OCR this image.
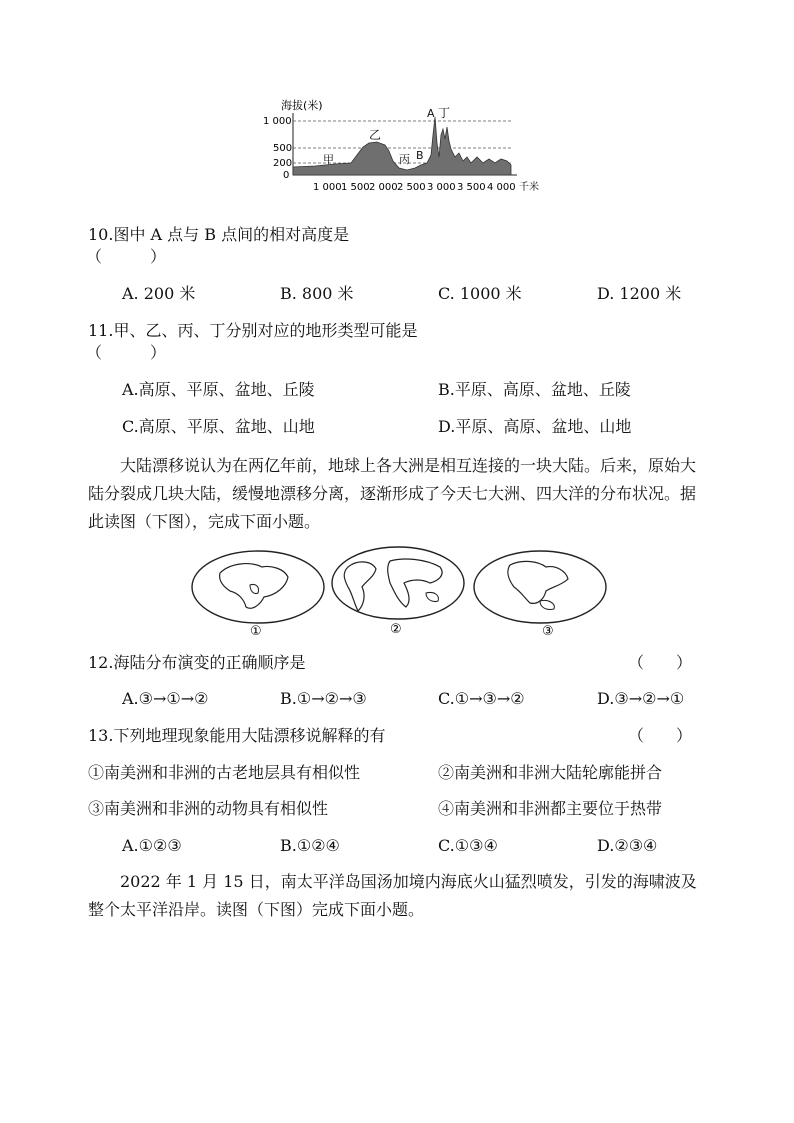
海拔(米)
1 000
500
200
0
甲
乙
丙 B
A 丁
1 000 1 500 2 000 2 500 3 000 3 500 4 000 千米
10.图中 A 点与 B 点间的相对高度是
（　　　）
A. 200 米	B. 800 米	C. 1000 米	D. 1200 米
11.甲、乙、丙、丁分别对应的地形类型可能是
（　　　）
A.高原、平原、盆地、丘陵	B.平原、高原、盆地、丘陵
C.高原、平原、盆地、山地	D.平原、高原、盆地、山地
大陆漂移说认为在两亿年前，地球上各大洲是相互连接的一块大陆。后来，原始大陆分裂成几块大陆，缓慢地漂移分离，逐渐形成了今天七大洲、四大洋的分布状况。据此读图（下图），完成下面小题。
①	②	③
12.海陆分布演变的正确顺序是	（　　）
A.③→①→②	B.①→②→③	C.①→③→②	D.③→②→①
13.下列地理现象能用大陆漂移说解释的有	（　　）
①南美洲和非洲的古老地层具有相似性	②南美洲和非洲大陆轮廓能拼合
③南美洲和非洲的动物具有相似性	④南美洲和非洲都主要位于热带
A.①②③	B.①②④	C.①③④	D.②③④
2022 年 1 月 15 日，南太平洋岛国汤加境内海底火山猛烈喷发，引发的海啸波及整个太平洋沿岸。读图（下图）完成下面小题。
